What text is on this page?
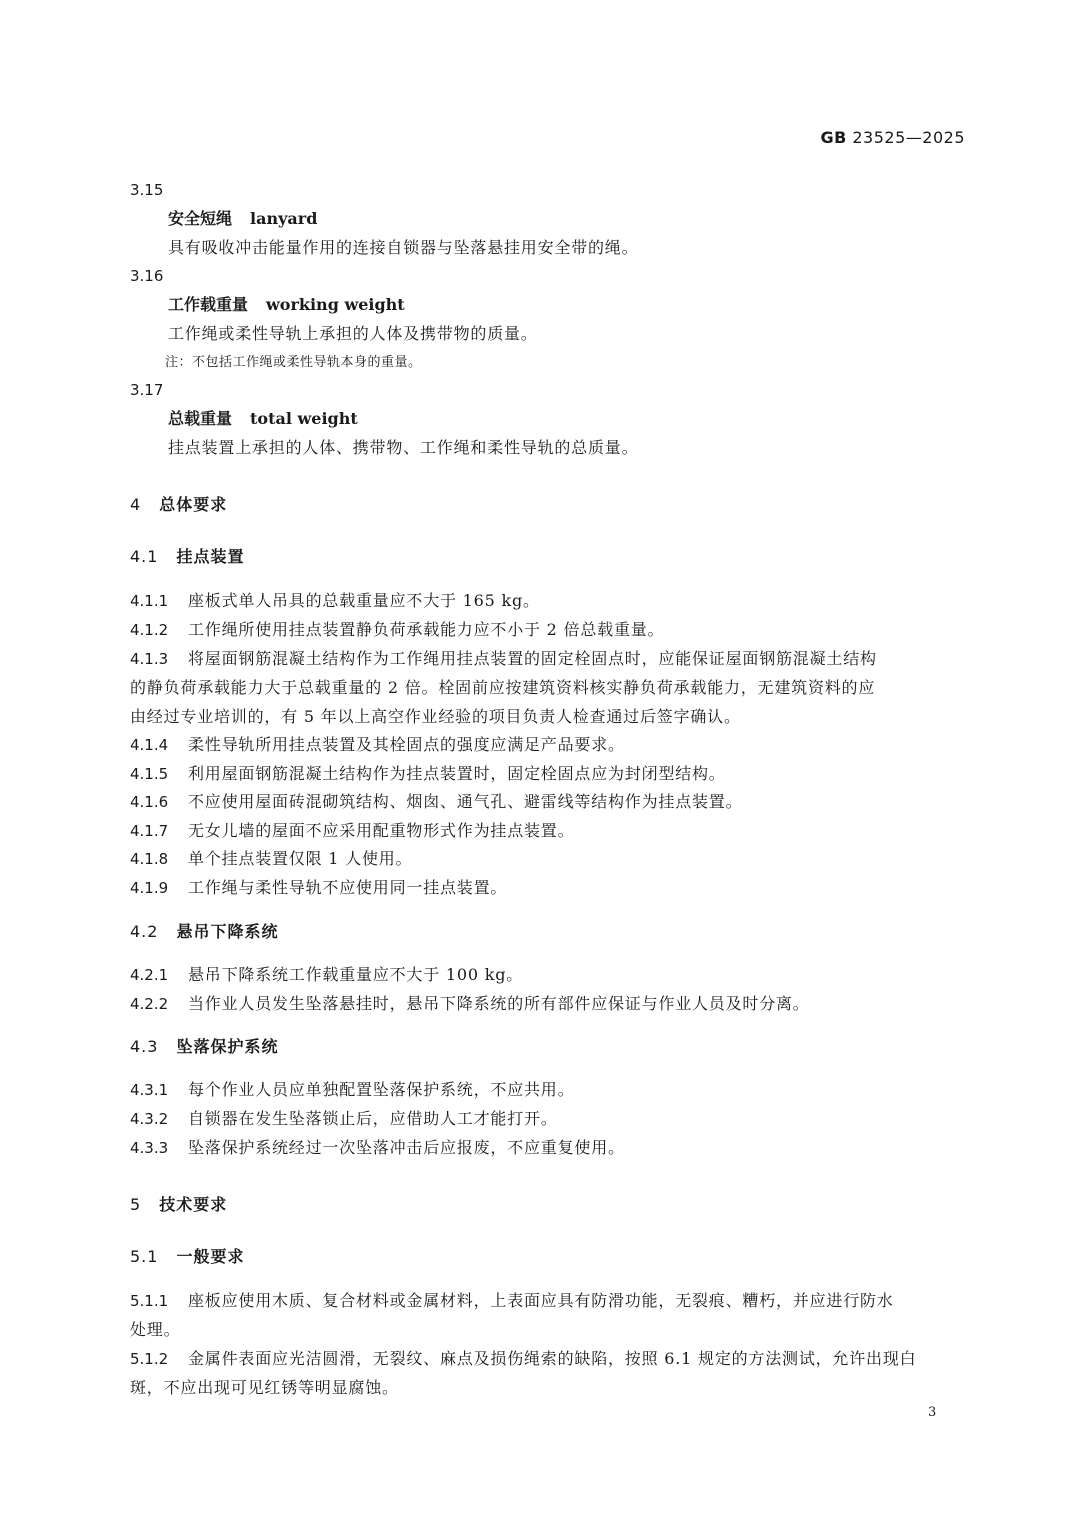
GB 23525—2025
3.15
安全短绳 lanyard
具有吸收冲击能量作用的连接自锁器与坠落悬挂用安全带的绳。
3.16
工作载重量 working weight
工作绳或柔性导轨上承担的人体及携带物的质量。
注：不包括工作绳或柔性导轨本身的重量。
3.17
总载重量 total weight
挂点装置上承担的人体、携带物、工作绳和柔性导轨的总质量。
4 总体要求
4.1 挂点装置
4.1.1 座板式单人吊具的总载重量应不大于 165 kg。
4.1.2 工作绳所使用挂点装置静负荷承载能力应不小于 2 倍总载重量。
4.1.3 将屋面钢筋混凝土结构作为工作绳用挂点装置的固定栓固点时，应能保证屋面钢筋混凝土结构
的静负荷承载能力大于总载重量的 2 倍。栓固前应按建筑资料核实静负荷承载能力，无建筑资料的应
由经过专业培训的，有 5 年以上高空作业经验的项目负责人检查通过后签字确认。
4.1.4 柔性导轨所用挂点装置及其栓固点的强度应满足产品要求。
4.1.5 利用屋面钢筋混凝土结构作为挂点装置时，固定栓固点应为封闭型结构。
4.1.6 不应使用屋面砖混砌筑结构、烟囱、通气孔、避雷线等结构作为挂点装置。
4.1.7 无女儿墙的屋面不应采用配重物形式作为挂点装置。
4.1.8 单个挂点装置仅限 1 人使用。
4.1.9 工作绳与柔性导轨不应使用同一挂点装置。
4.2 悬吊下降系统
4.2.1 悬吊下降系统工作载重量应不大于 100 kg。
4.2.2 当作业人员发生坠落悬挂时，悬吊下降系统的所有部件应保证与作业人员及时分离。
4.3 坠落保护系统
4.3.1 每个作业人员应单独配置坠落保护系统，不应共用。
4.3.2 自锁器在发生坠落锁止后，应借助人工才能打开。
4.3.3 坠落保护系统经过一次坠落冲击后应报废，不应重复使用。
5 技术要求
5.1 一般要求
5.1.1 座板应使用木质、复合材料或金属材料，上表面应具有防滑功能，无裂痕、糟朽，并应进行防水
处理。
5.1.2 金属件表面应光洁圆滑，无裂纹、麻点及损伤绳索的缺陷，按照 6.1 规定的方法测试，允许出现白
斑，不应出现可见红锈等明显腐蚀。
3
